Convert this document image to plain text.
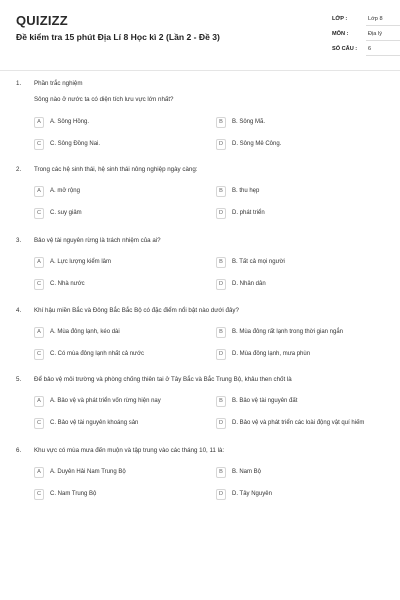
QUIZIZZ
Đề kiểm tra 15 phút Địa Lí 8 Học kì 2 (Lần 2 - Đề 3)
LỚP :	Lớp 8
MÔN :	Địa lý
SỐ CÂU : 6
1. Phần trắc nghiệm
Sông nào ở nước ta có diện tích lưu vực lớn nhất?
A	A. Sông Hồng.	B	B. Sông Mã.
C	C. Sông Đồng Nai.	D	D. Sông Mê Công.
2. Trong các hệ sinh thái, hệ sinh thái nông nghiệp ngày càng:
A	A. mở rộng	B	B. thu hẹp
C	C. suy giảm	D	D. phát triển
3. Bảo vệ tài nguyên rừng là trách nhiệm của ai?
A	A. Lực lượng kiểm lâm	B	B. Tất cả mọi người
C	C. Nhà nước	D	D. Nhân dân
4. Khí hậu miền Bắc và Đông Bắc Bắc Bộ có đặc điểm nổi bật nào dưới đây?
A	A. Mùa đông lạnh, kéo dài	B	B. Mùa đông rất lạnh trong thời gian ngắn
C	C. Có mùa đông lạnh nhất cả nước	D	D. Mùa đông lạnh, mưa phùn
5. Để bảo vệ môi trường và phòng chống thiên tai ở Tây Bắc và Bắc Trung Bộ, khâu then chốt là
A	A. Bảo vệ và phát triển vốn rừng hiện nay	B	B. Bảo vệ tài nguyên đất
C	C. Bảo vệ tài nguyên khoáng sản	D	D. Bảo vệ và phát triển các loài động vật quí hiếm
6. Khu vực có mùa mưa đến muộn và tập trung vào các tháng 10, 11 là:
A	A. Duyên Hải Nam Trung Bộ	B	B. Nam Bộ
C	C. Nam Trung Bộ	D	D. Tây Nguyên
